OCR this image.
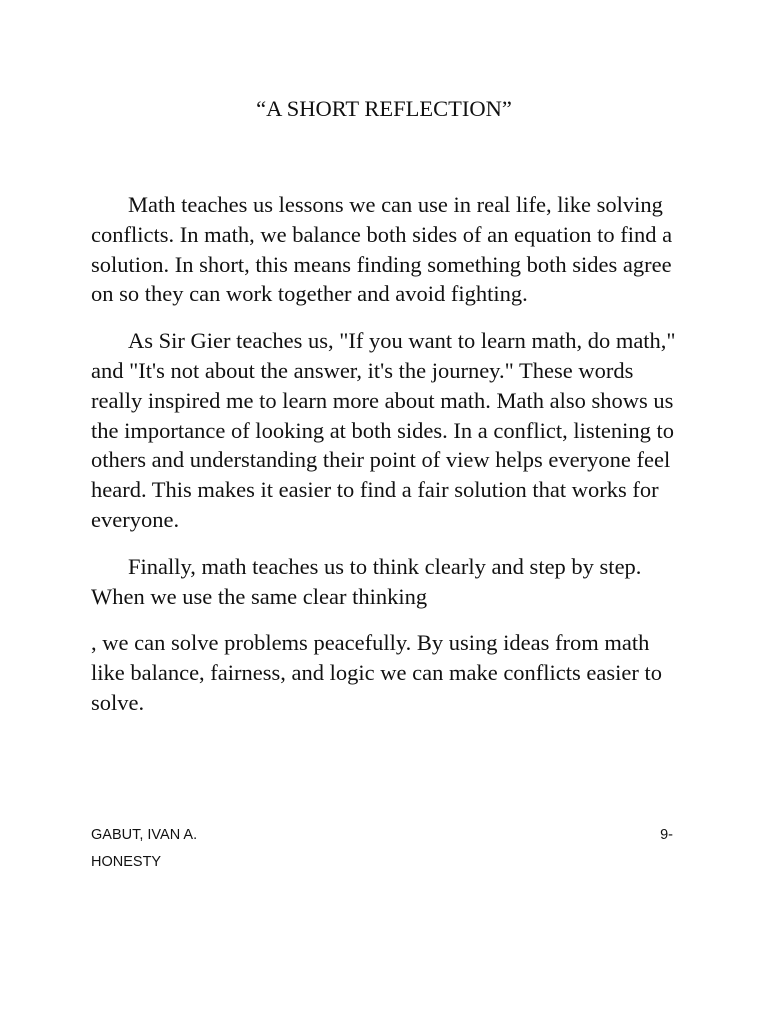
“A SHORT REFLECTION”

Math teaches us lessons we can use in real life, like solving conflicts. In math, we balance both sides of an equation to find a solution. In short, this means finding something both sides agree on so they can work together and avoid fighting.

As Sir Gier teaches us, "If you want to learn math, do math," and "It's not about the answer, it's the journey." These words really inspired me to learn more about math. Math also shows us the importance of looking at both sides. In a conflict, listening to others and understanding their point of view helps everyone feel heard. This makes it easier to find a fair solution that works for everyone.

Finally, math teaches us to think clearly and step by step. When we use the same clear thinking

, we can solve problems peacefully. By using ideas from math like balance, fairness, and logic we can make conflicts easier to solve.

GABUT, IVAN A.	9-
HONESTY
